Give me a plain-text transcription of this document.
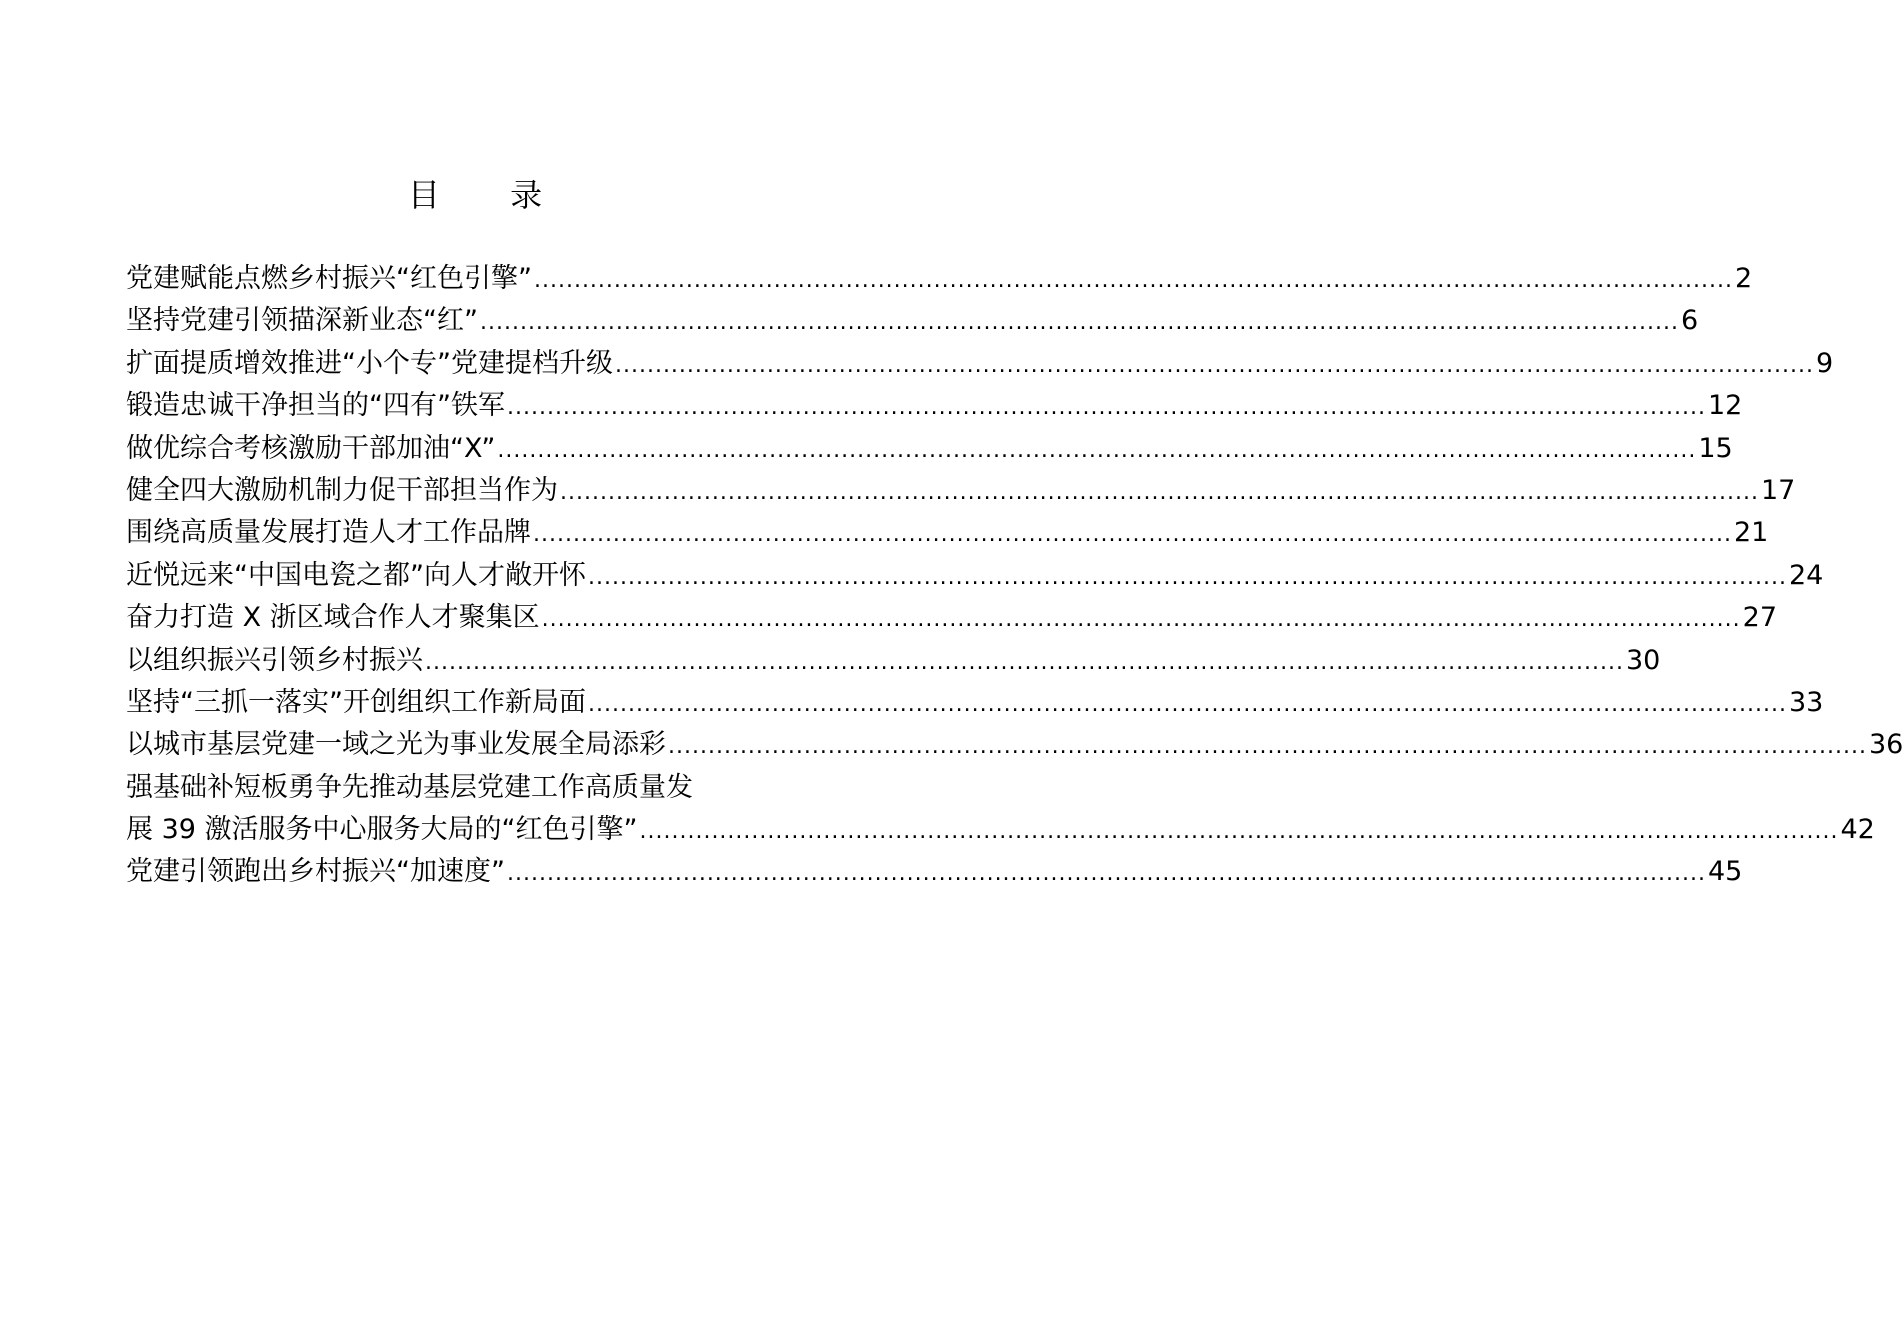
目 录
党建赋能点燃乡村振兴“红色引擎” .....	2
坚持党建引领描深新业态“红” .....	6
扩面提质增效推进“小个专”党建提档升级 .....	9
锻造忠诚干净担当的“四有”铁军 .....	12
做优综合考核激励干部加油“X” .....	15
健全四大激励机制力促干部担当作为 .....	17
围绕高质量发展打造人才工作品牌 .....	21
近悦远来“中国电瓷之都”向人才敞开怀 .....	24
奋力打造 X 浙区域合作人才聚集区 .....	27
以组织振兴引领乡村振兴 .....	30
坚持“三抓一落实”开创组织工作新局面 .....	33
以城市基层党建一域之光为事业发展全局添彩 .....	36
强基础补短板勇争先推动基层党建工作高质量发
展 39 激活服务中心服务大局的“红色引擎” .....	42
党建引领跑出乡村振兴“加速度” .....	45
